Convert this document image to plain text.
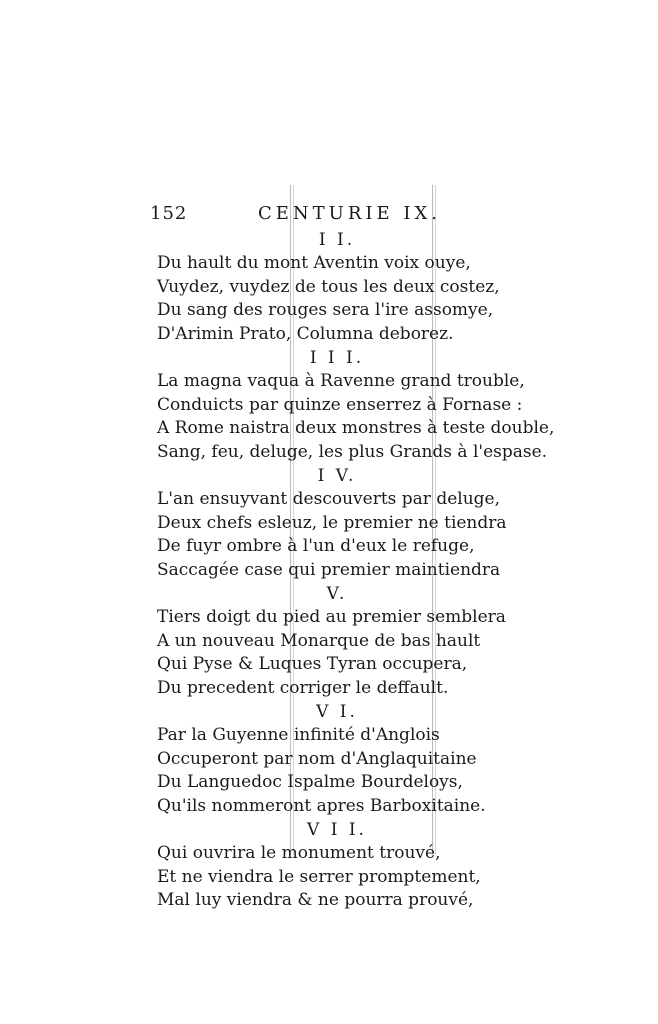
152	CENTURIE IX.
I I.
Du hault du mont Aventin voix ouye,
Vuydez, vuydez de tous les deux costez,
Du sang des rouges sera l'ire assomye,
D'Arimin Prato, Columna deborez.
I I I.
La magna vaqua à Ravenne grand trouble,
Conduicts par quinze enserrez à Fornase :
A Rome naistra deux monstres à teste double,
Sang, feu, deluge, les plus Grands à l'espase.
I V.
L'an ensuyvant descouverts par deluge,
Deux chefs esleuz, le premier ne tiendra
De fuyr ombre à l'un d'eux le refuge,
Saccagée case qui premier maintiendra
V.
Tiers doigt du pied au premier semblera
A un nouveau Monarque de bas hault
Qui Pyse & Luques Tyran occupera,
Du precedent corriger le deffault.
V I.
Par la Guyenne infinité d'Anglois
Occuperont par nom d'Anglaquitaine
Du Languedoc Ispalme Bourdeloys,
Qu'ils nommeront apres Barboxitaine.
V I I.
Qui ouvrira le monument trouvé,
Et ne viendra le serrer promptement,
Mal luy viendra & ne pourra prouvé,
